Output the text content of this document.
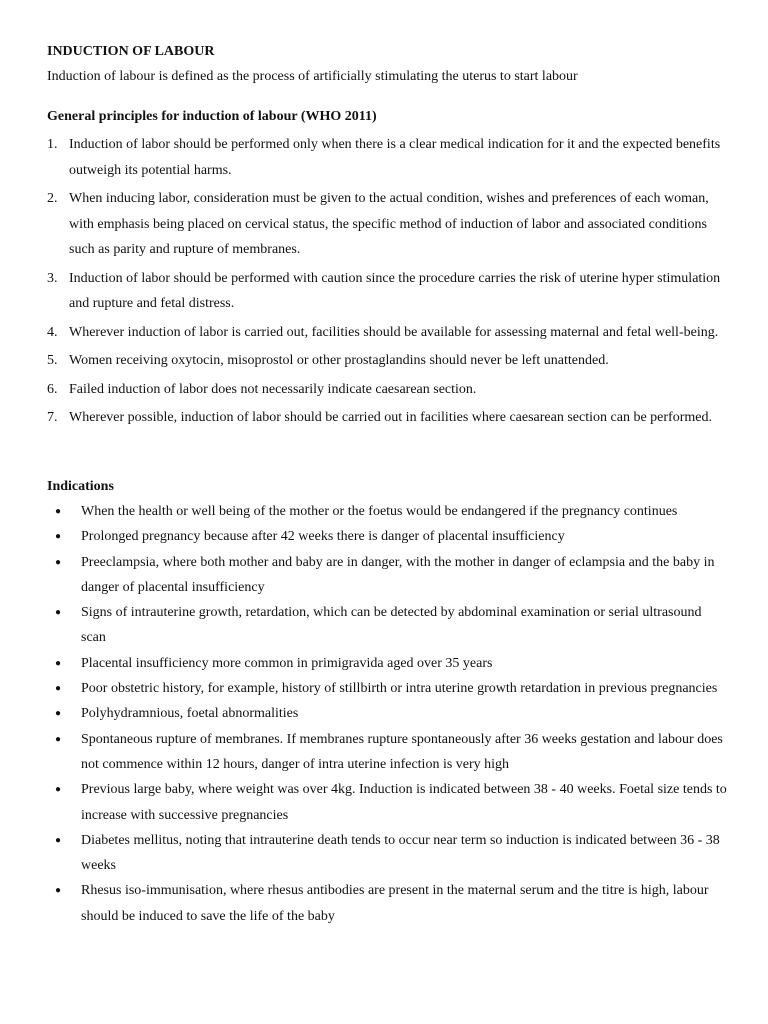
INDUCTION OF LABOUR
Induction of labour is defined as the process of artificially stimulating the uterus to start labour
General principles for induction of labour (WHO 2011)
1. Induction of labor should be performed only when there is a clear medical indication for it and the expected benefits outweigh its potential harms.
2. When inducing labor, consideration must be given to the actual condition, wishes and preferences of each woman, with emphasis being placed on cervical status, the specific method of induction of labor and associated conditions such as parity and rupture of membranes.
3. Induction of labor should be performed with caution since the procedure carries the risk of uterine hyper stimulation and rupture and fetal distress.
4. Wherever induction of labor is carried out, facilities should be available for assessing maternal and fetal well-being.
5. Women receiving oxytocin, misoprostol or other prostaglandins should never be left unattended.
6. Failed induction of labor does not necessarily indicate caesarean section.
7. Wherever possible, induction of labor should be carried out in facilities where caesarean section can be performed.
Indications
● When the health or well being of the mother or the foetus would be endangered if the pregnancy continues
● Prolonged pregnancy because after 42 weeks there is danger of placental insufficiency
● Preeclampsia, where both mother and baby are in danger, with the mother in danger of eclampsia and the baby in danger of placental insufficiency
● Signs of intrauterine growth, retardation, which can be detected by abdominal examination or serial ultrasound scan
● Placental insufficiency more common in primigravida aged over 35 years
● Poor obstetric history, for example, history of stillbirth or intra uterine growth retardation in previous pregnancies
● Polyhydramnious, foetal abnormalities
● Spontaneous rupture of membranes. If membranes rupture spontaneously after 36 weeks gestation and labour does not commence within 12 hours, danger of intra uterine infection is very high
● Previous large baby, where weight was over 4kg. Induction is indicated between 38 - 40 weeks. Foetal size tends to increase with successive pregnancies
● Diabetes mellitus, noting that intrauterine death tends to occur near term so induction is indicated between 36 - 38 weeks
● Rhesus iso-immunisation, where rhesus antibodies are present in the maternal serum and the titre is high, labour should be induced to save the life of the baby
